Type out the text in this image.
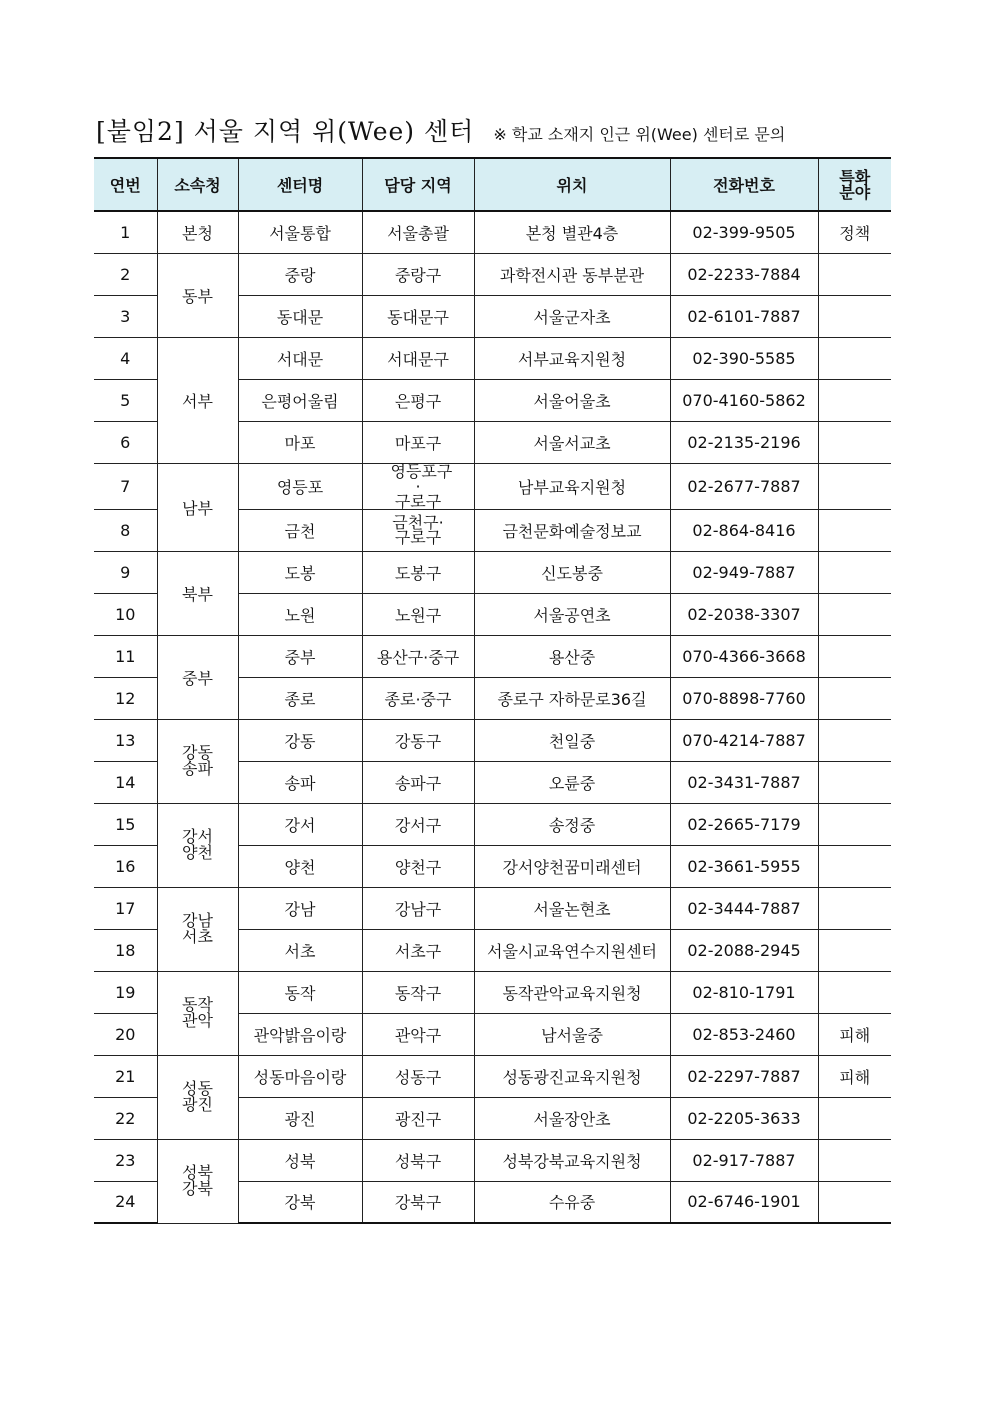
[붙임2] 서울 지역 위(Wee) 센터 ※ 학교 소재지 인근 위(Wee) 센터로 문의
연번	소속청	센터명	담당 지역	위치	전화번호	특화
분야
1	본청	서울통합	서울총괄	본청 별관4층	02-399-9505	정책
2	동부	중랑	중랑구	과학전시관 동부분관	02-2233-7884	
3		동대문	동대문구	서울군자초	02-6101-7887	
4	서부	서대문	서대문구	서부교육지원청	02-390-5585	
5		은평어울림	은평구	서울어울초	070-4160-5862	
6		마포	마포구	서울서교초	02-2135-2196	
7	남부	영등포	영등포구· 구로구	남부교육지원청	02-2677-7887	
8		금천	금천구· 구로구	금천문화예술정보교	02-864-8416	
9	북부	도봉	도봉구	신도봉중	02-949-7887	
10		노원	노원구	서울공연초	02-2038-3307	
11	중부	중부	용산구·중구	용산중	070-4366-3668	
12		종로	종로·중구	종로구 자하문로36길	070-8898-7760	
13	강동 송파	강동	강동구	천일중	070-4214-7887	
14		송파	송파구	오륜중	02-3431-7887	
15	강서 양천	강서	강서구	송정중	02-2665-7179	
16		양천	양천구	강서양천꿈미래센터	02-3661-5955	
17	강남 서초	강남	강남구	서울논현초	02-3444-7887	
18		서초	서초구	서울시교육연수지원센터	02-2088-2945	
19	동작 관악	동작	동작구	동작관악교육지원청	02-810-1791	
20		관악밝음이랑	관악구	남서울중	02-853-2460	피해
21	성동 광진	성동마음이랑	성동구	성동광진교육지원청	02-2297-7887	피해
22		광진	광진구	서울장안초	02-2205-3633	
23	성북 강북	성북	성북구	성북강북교육지원청	02-917-7887	
24		강북	강북구	수유중	02-6746-1901	
